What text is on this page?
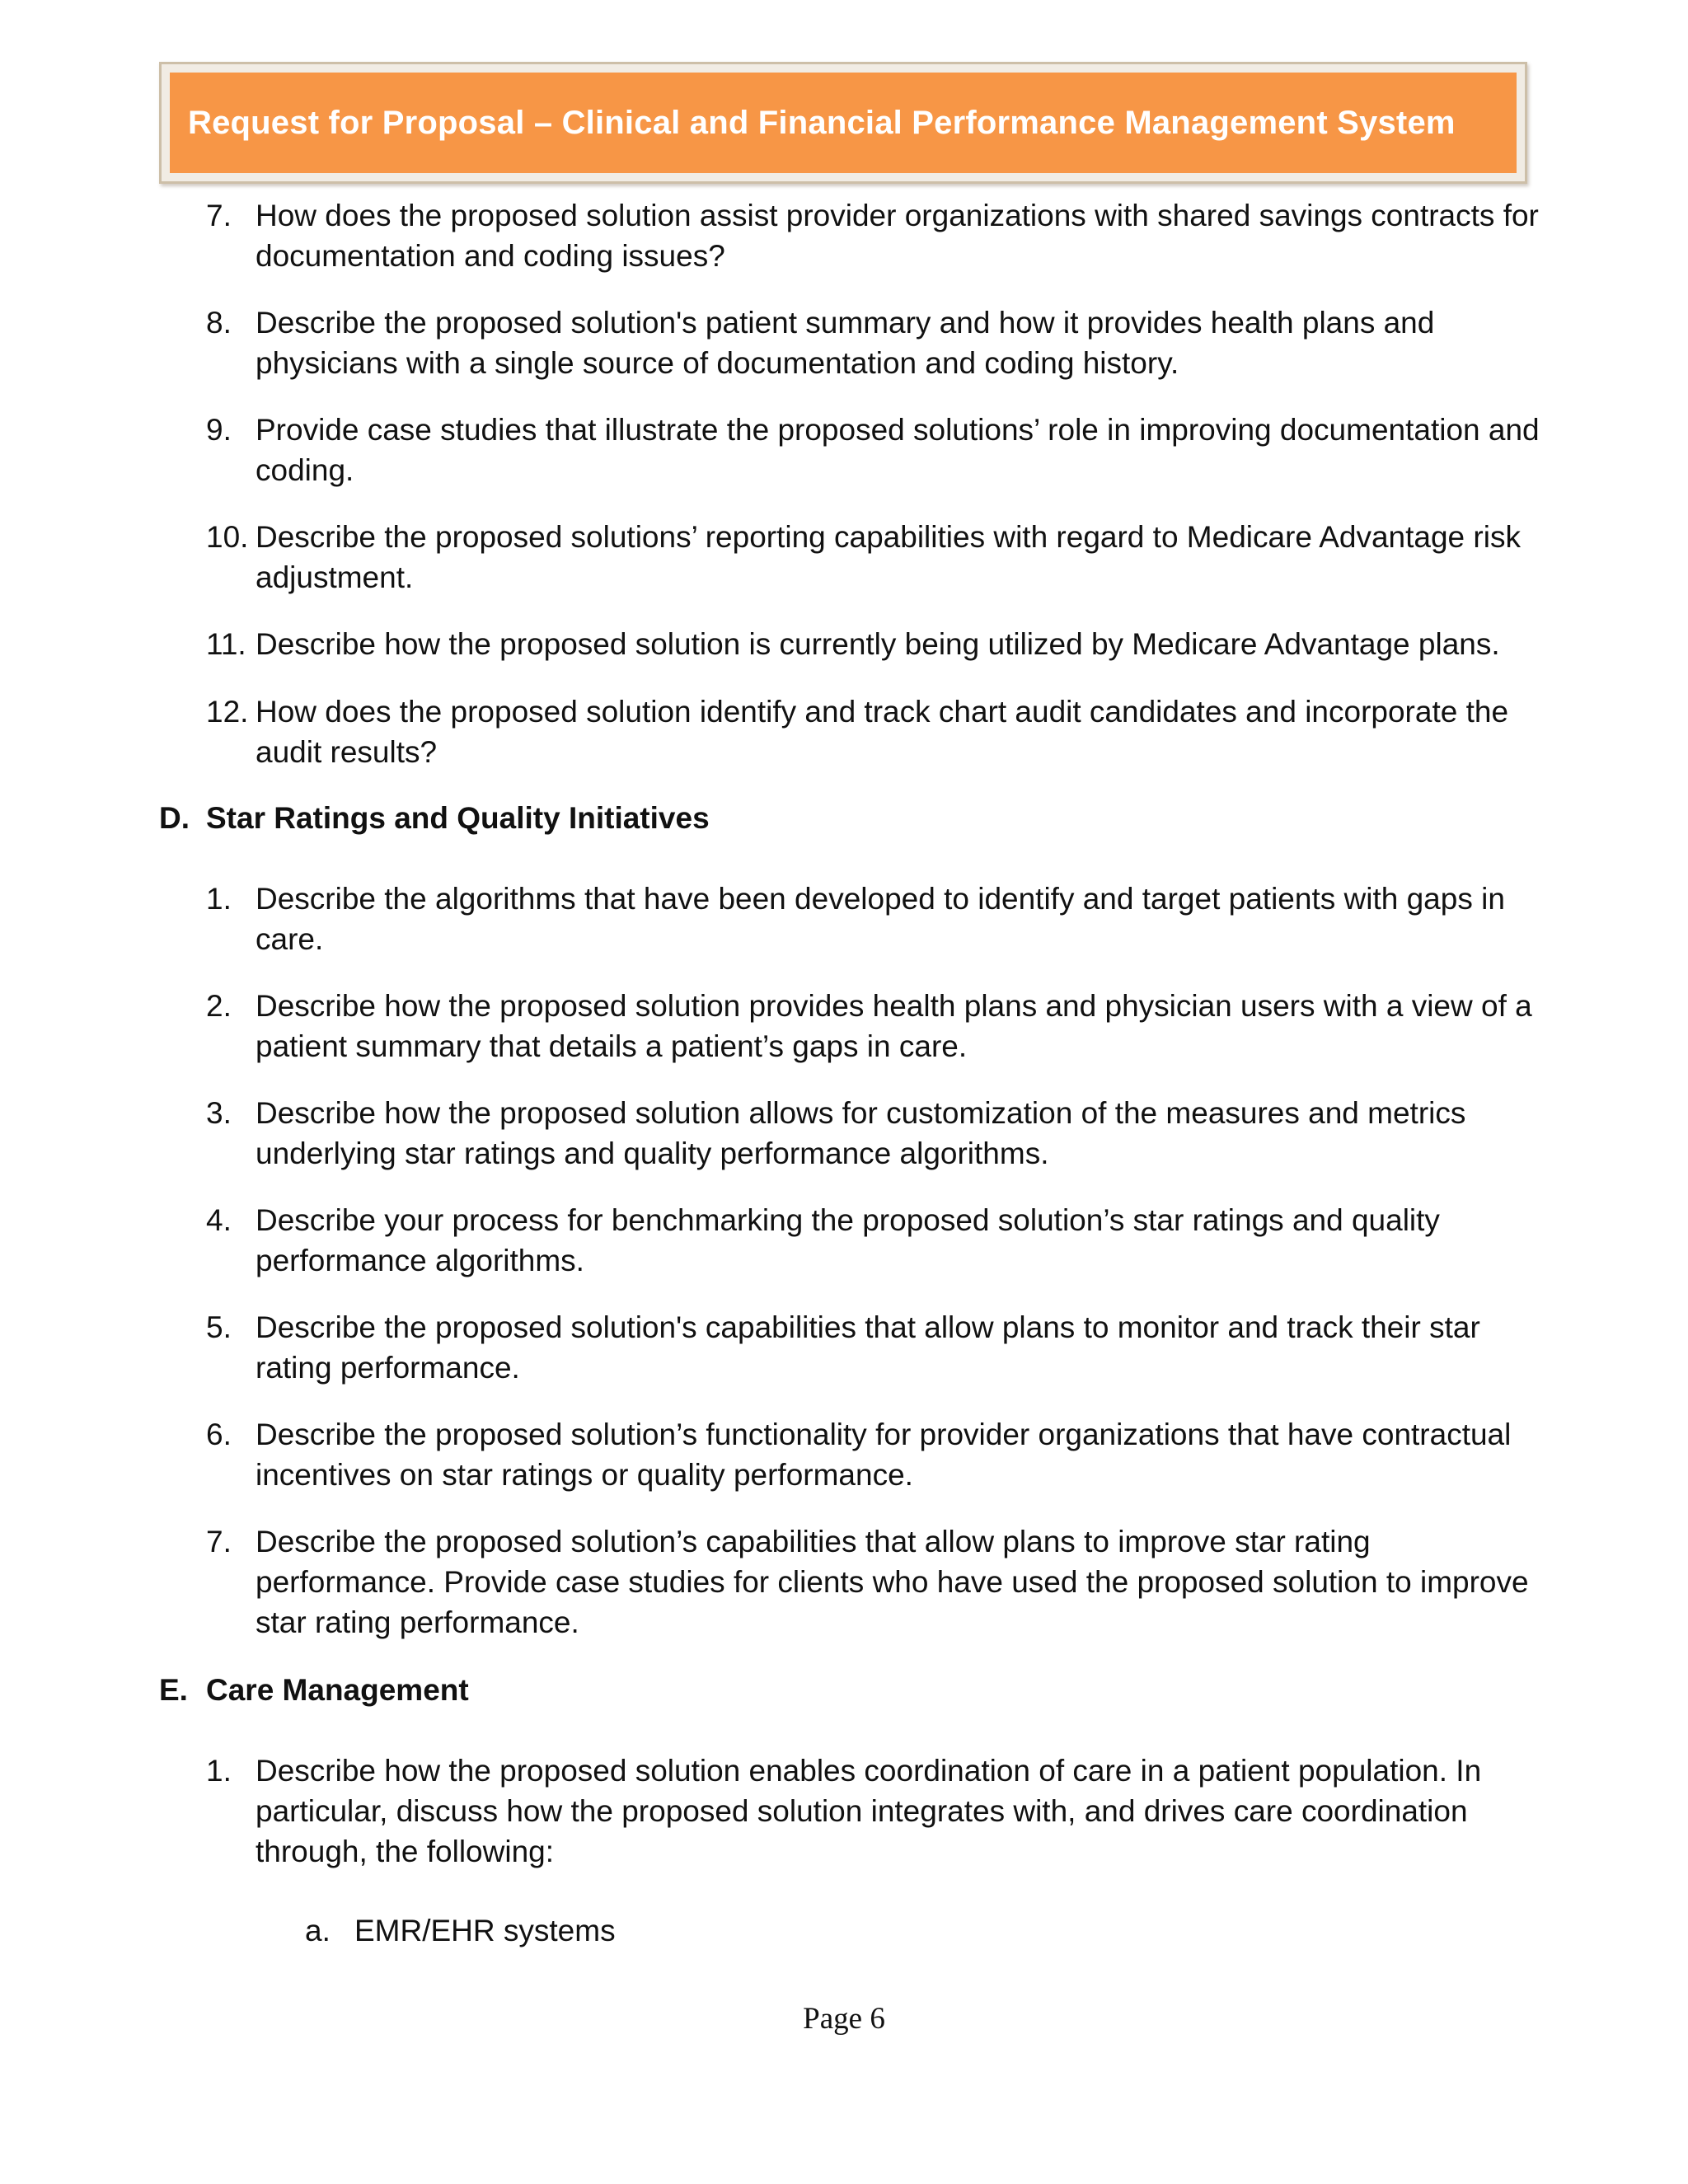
Request for Proposal – Clinical and Financial Performance Management System
7. How does the proposed solution assist provider organizations with shared savings contracts for documentation and coding issues?
8. Describe the proposed solution's patient summary and how it provides health plans and physicians with a single source of documentation and coding history.
9. Provide case studies that illustrate the proposed solutions’ role in improving documentation and coding.
10. Describe the proposed solutions’ reporting capabilities with regard to Medicare Advantage risk adjustment.
11. Describe how the proposed solution is currently being utilized by Medicare Advantage plans.
12. How does the proposed solution identify and track chart audit candidates and incorporate the audit results?
D. Star Ratings and Quality Initiatives
1. Describe the algorithms that have been developed to identify and target patients with gaps in care.
2. Describe how the proposed solution provides health plans and physician users with a view of a patient summary that details a patient’s gaps in care.
3. Describe how the proposed solution allows for customization of the measures and metrics underlying star ratings and quality performance algorithms.
4. Describe your process for benchmarking the proposed solution’s star ratings and quality performance algorithms.
5. Describe the proposed solution's capabilities that allow plans to monitor and track their star rating performance.
6. Describe the proposed solution’s functionality for provider organizations that have contractual incentives on star ratings or quality performance.
7. Describe the proposed solution’s capabilities that allow plans to improve star rating performance. Provide case studies for clients who have used the proposed solution to improve star rating performance.
E. Care Management
1. Describe how the proposed solution enables coordination of care in a patient population. In particular, discuss how the proposed solution integrates with, and drives care coordination through, the following:
a. EMR/EHR systems
Page 6
